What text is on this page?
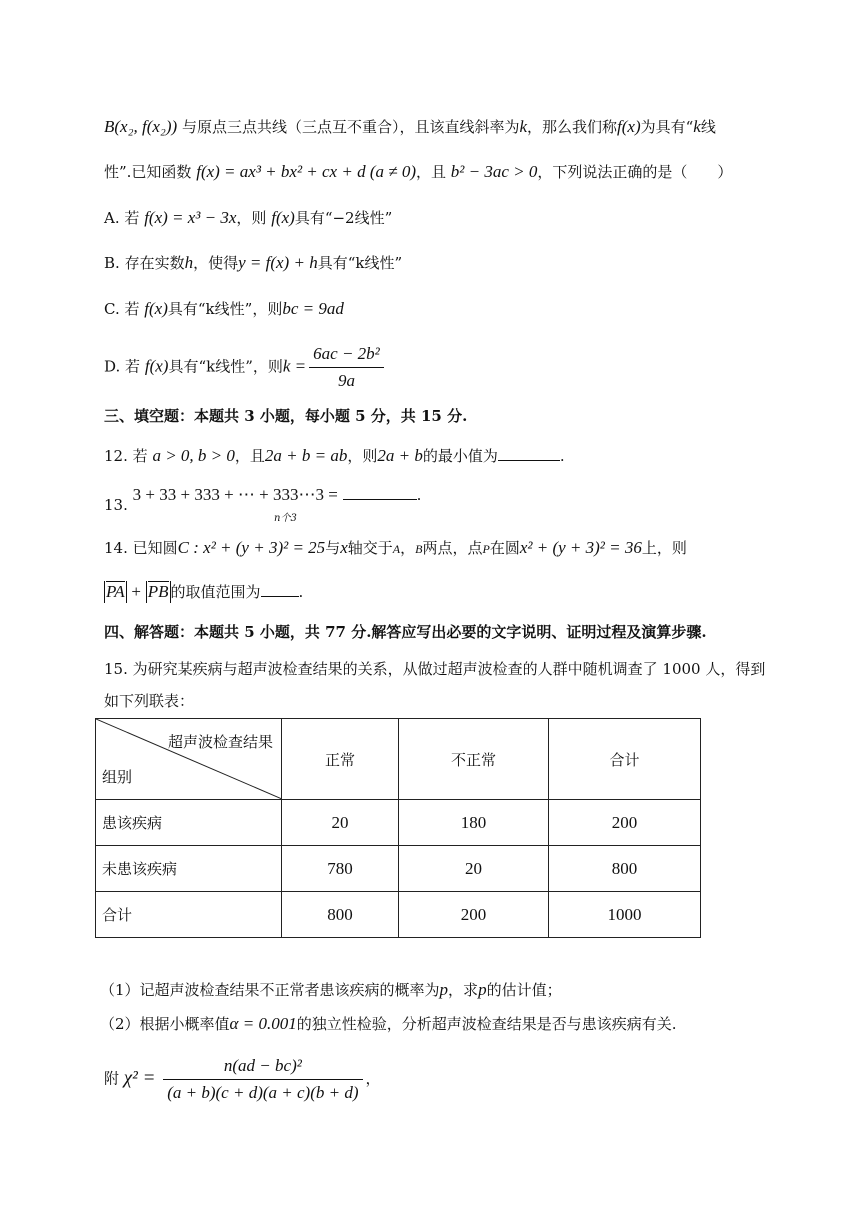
B(x₂, f(x₂)) 与原点三点共线（三点互不重合），且该直线斜率为k，那么我们称f(x)为具有“k线
性”.已知函数 f(x) = ax³ + bx² + cx + d (a ≠ 0)，且 b² − 3ac > 0，下列说法正确的是（　　）
A. 若 f(x) = x³ − 3x，则 f(x)具有“−2线性”
B. 存在实数h，使得y = f(x) + h具有“k线性”
C. 若 f(x)具有“k线性”，则bc = 9ad
D. 若 f(x)具有“k线性”，则$k = \frac{\text{6ac − 2b²}}{9a}$
三、填空题：本题共 3 小题，每小题 5 分，共 15 分.
12. 若 a > 0, b > 0，且2a + b = ab，则2a + b的最小值为	.
13. 3 + 33 + 333 + ⋯ + 333⋯3 =	.
n个3
14. 已知圆C : x² + (y + 3)² = 25与x轴交于A，B两点，点P在圆x² + (y + 3)² = 36上，则
PA + PB 的取值范围为	.
四、解答题：本题共 5 小题，共 77 分.解答应写出必要的文字说明、证明过程及演算步骤.
15. 为研究某疾病与超声波检查结果的关系，从做过超声波检查的人群中随机调查了 1000 人，得到
如下列联表：
超声波检查结果
组别	正常	不正常	合计
患该疾病	20	180	200
未患该疾病	780	20	800
合计	800	200	1000
（1）记超声波检查结果不正常者患该疾病的概率为p，求p的估计值；
（2）根据小概率值α = 0.001的独立性检验，分析超声波检查结果是否与患该疾病有关.
附 $\chi^2 = \frac{\text{n(ad − bc)²}}{(a + b)(c + d)(a + c)(b + d)}$ ，
